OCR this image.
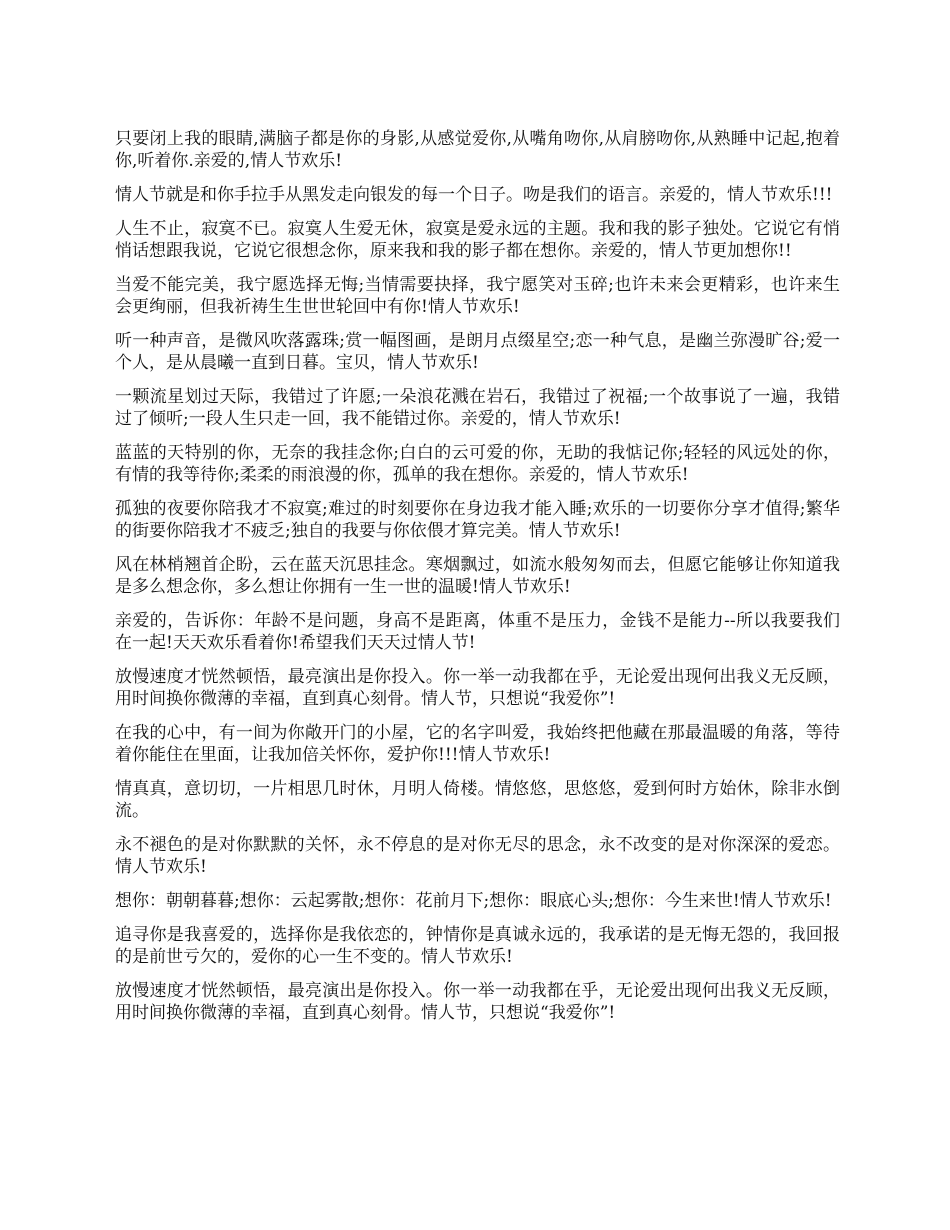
只要闭上我的眼睛,满脑子都是你的身影,从感觉爱你,从嘴角吻你,从肩膀吻你,从熟睡中记起,抱着你,听着你.亲爱的,情人节欢乐!

情人节就是和你手拉手从黑发走向银发的每一个日子。吻是我们的语言。亲爱的，情人节欢乐!!!

人生不止，寂寞不已。寂寞人生爱无休，寂寞是爱永远的主题。我和我的影子独处。它说它有悄悄话想跟我说，它说它很想念你，原来我和我的影子都在想你。亲爱的，情人节更加想你!!

当爱不能完美，我宁愿选择无悔;当情需要抉择，我宁愿笑对玉碎;也许未来会更精彩，也许来生会更绚丽，但我祈祷生生世世轮回中有你!情人节欢乐!

听一种声音，是微风吹落露珠;赏一幅图画，是朗月点缀星空;恋一种气息，是幽兰弥漫旷谷;爱一个人，是从晨曦一直到日暮。宝贝，情人节欢乐!

一颗流星划过天际，我错过了许愿;一朵浪花溅在岩石，我错过了祝福;一个故事说了一遍，我错过了倾听;一段人生只走一回，我不能错过你。亲爱的，情人节欢乐!

蓝蓝的天特别的你，无奈的我挂念你;白白的云可爱的你，无助的我惦记你;轻轻的风远处的你，有情的我等待你;柔柔的雨浪漫的你，孤单的我在想你。亲爱的，情人节欢乐!

孤独的夜要你陪我才不寂寞;难过的时刻要你在身边我才能入睡;欢乐的一切要你分享才值得;繁华的街要你陪我才不疲乏;独自的我要与你依偎才算完美。情人节欢乐!

风在林梢翘首企盼，云在蓝天沉思挂念。寒烟飘过，如流水般匆匆而去，但愿它能够让你知道我是多么想念你，多么想让你拥有一生一世的温暖!情人节欢乐!

亲爱的，告诉你：年龄不是问题，身高不是距离，体重不是压力，金钱不是能力--所以我要我们在一起!天天欢乐看着你!希望我们天天过情人节!

放慢速度才恍然顿悟，最亮演出是你投入。你一举一动我都在乎，无论爱出现何出我义无反顾，用时间换你微薄的幸福，直到真心刻骨。情人节，只想说“我爱你”!

在我的心中，有一间为你敞开门的小屋，它的名字叫爱，我始终把他藏在那最温暖的角落，等待着你能住在里面，让我加倍关怀你，爱护你!!!情人节欢乐!

情真真，意切切，一片相思几时休，月明人倚楼。情悠悠，思悠悠，爱到何时方始休，除非水倒流。

永不褪色的是对你默默的关怀，永不停息的是对你无尽的思念，永不改变的是对你深深的爱恋。情人节欢乐!

想你：朝朝暮暮;想你：云起雾散;想你：花前月下;想你：眼底心头;想你：今生来世!情人节欢乐!

追寻你是我喜爱的，选择你是我依恋的，钟情你是真诚永远的，我承诺的是无悔无怨的，我回报的是前世亏欠的，爱你的心一生不变的。情人节欢乐!

放慢速度才恍然顿悟，最亮演出是你投入。你一举一动我都在乎，无论爱出现何出我义无反顾，用时间换你微薄的幸福，直到真心刻骨。情人节，只想说“我爱你”!
